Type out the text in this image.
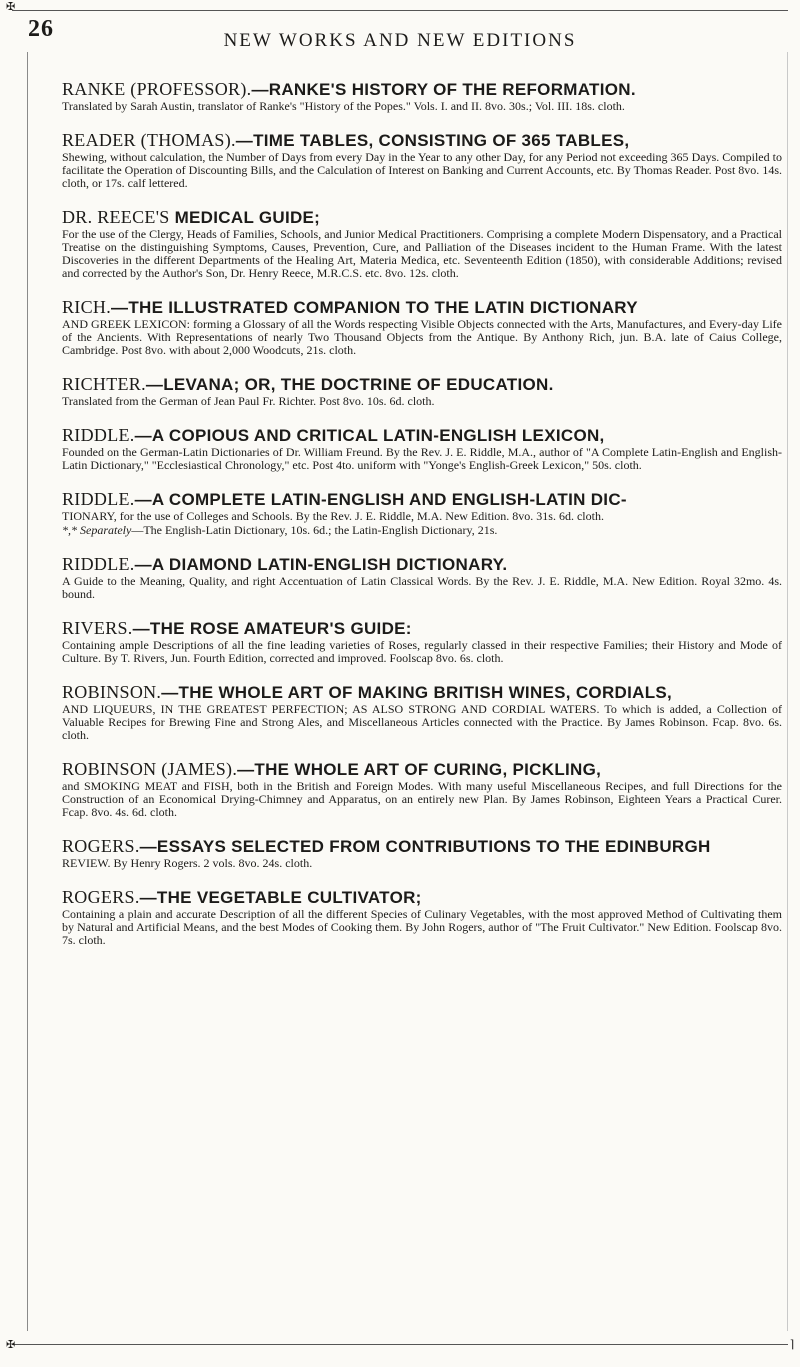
✠
26	NEW WORKS AND NEW EDITIONS

RANKE (PROFESSOR).—RANKE'S HISTORY OF THE REFORMATION.

Translated by Sarah Austin, translator of Ranke's "History of the Popes." Vols. I. and II. 8vo. 30s.; Vol. III. 18s. cloth.

READER (THOMAS).—TIME TABLES, CONSISTING OF 365 TABLES,

Shewing, without calculation, the Number of Days from every Day in the Year to any other Day, for any Period not exceeding 365 Days. Compiled to facilitate the Operation of Discounting Bills, and the Calculation of Interest on Banking and Current Accounts, etc. By Thomas Reader. Post 8vo. 14s. cloth, or 17s. calf lettered.

DR. REECE'S MEDICAL GUIDE;

For the use of the Clergy, Heads of Families, Schools, and Junior Medical Practitioners. Comprising a complete Modern Dispensatory, and a Practical Treatise on the distinguishing Symptoms, Causes, Prevention, Cure, and Palliation of the Diseases incident to the Human Frame. With the latest Discoveries in the different Departments of the Healing Art, Materia Medica, etc. Seventeenth Edition (1850), with considerable Additions; revised and corrected by the Author's Son, Dr. Henry Reece, M.R.C.S. etc. 8vo. 12s. cloth.

RICH.—THE ILLUSTRATED COMPANION TO THE LATIN DICTIONARY

AND GREEK LEXICON: forming a Glossary of all the Words respecting Visible Objects connected with the Arts, Manufactures, and Every-day Life of the Ancients. With Representations of nearly Two Thousand Objects from the Antique. By Anthony Rich, jun. B.A. late of Caius College, Cambridge. Post 8vo. with about 2,000 Woodcuts, 21s. cloth.

RICHTER.—LEVANA; OR, THE DOCTRINE OF EDUCATION.

Translated from the German of Jean Paul Fr. Richter. Post 8vo. 10s. 6d. cloth.

RIDDLE.—A COPIOUS AND CRITICAL LATIN-ENGLISH LEXICON,

Founded on the German-Latin Dictionaries of Dr. William Freund. By the Rev. J. E. Riddle, M.A., author of "A Complete Latin-English and English-Latin Dictionary," "Ecclesiastical Chronology," etc. Post 4to. uniform with "Yonge's English-Greek Lexicon," 50s. cloth.

RIDDLE.—A COMPLETE LATIN-ENGLISH AND ENGLISH-LATIN DIC-

TIONARY, for the use of Colleges and Schools. By the Rev. J. E. Riddle, M.A. New Edition. 8vo. 31s. 6d. cloth.

*,* Separately—The English-Latin Dictionary, 10s. 6d.; the Latin-English Dictionary, 21s.

RIDDLE.—A DIAMOND LATIN-ENGLISH DICTIONARY.

A Guide to the Meaning, Quality, and right Accentuation of Latin Classical Words. By the Rev. J. E. Riddle, M.A. New Edition. Royal 32mo. 4s. bound.

RIVERS.—THE ROSE AMATEUR'S GUIDE:

Containing ample Descriptions of all the fine leading varieties of Roses, regularly classed in their respective Families; their History and Mode of Culture. By T. Rivers, Jun. Fourth Edition, corrected and improved. Foolscap 8vo. 6s. cloth.

ROBINSON.—THE WHOLE ART OF MAKING BRITISH WINES, CORDIALS,

AND LIQUEURS, IN THE GREATEST PERFECTION; AS ALSO STRONG AND CORDIAL WATERS. To which is added, a Collection of Valuable Recipes for Brewing Fine and Strong Ales, and Miscellaneous Articles connected with the Practice. By James Robinson. Fcap. 8vo. 6s. cloth.

ROBINSON (JAMES).—THE WHOLE ART OF CURING, PICKLING,

and SMOKING MEAT and FISH, both in the British and Foreign Modes. With many useful Miscellaneous Recipes, and full Directions for the Construction of an Economical Drying-Chimney and Apparatus, on an entirely new Plan. By James Robinson, Eighteen Years a Practical Curer. Fcap. 8vo. 4s. 6d. cloth.

ROGERS.—ESSAYS SELECTED FROM CONTRIBUTIONS TO THE EDINBURGH

REVIEW. By Henry Rogers. 2 vols. 8vo. 24s. cloth.

ROGERS.—THE VEGETABLE CULTIVATOR;

Containing a plain and accurate Description of all the different Species of Culinary Vegetables, with the most approved Method of Cultivating them by Natural and Artificial Means, and the best Modes of Cooking them. By John Rogers, author of "The Fruit Cultivator." New Edition. Foolscap 8vo. 7s. cloth.

✠	⌉
